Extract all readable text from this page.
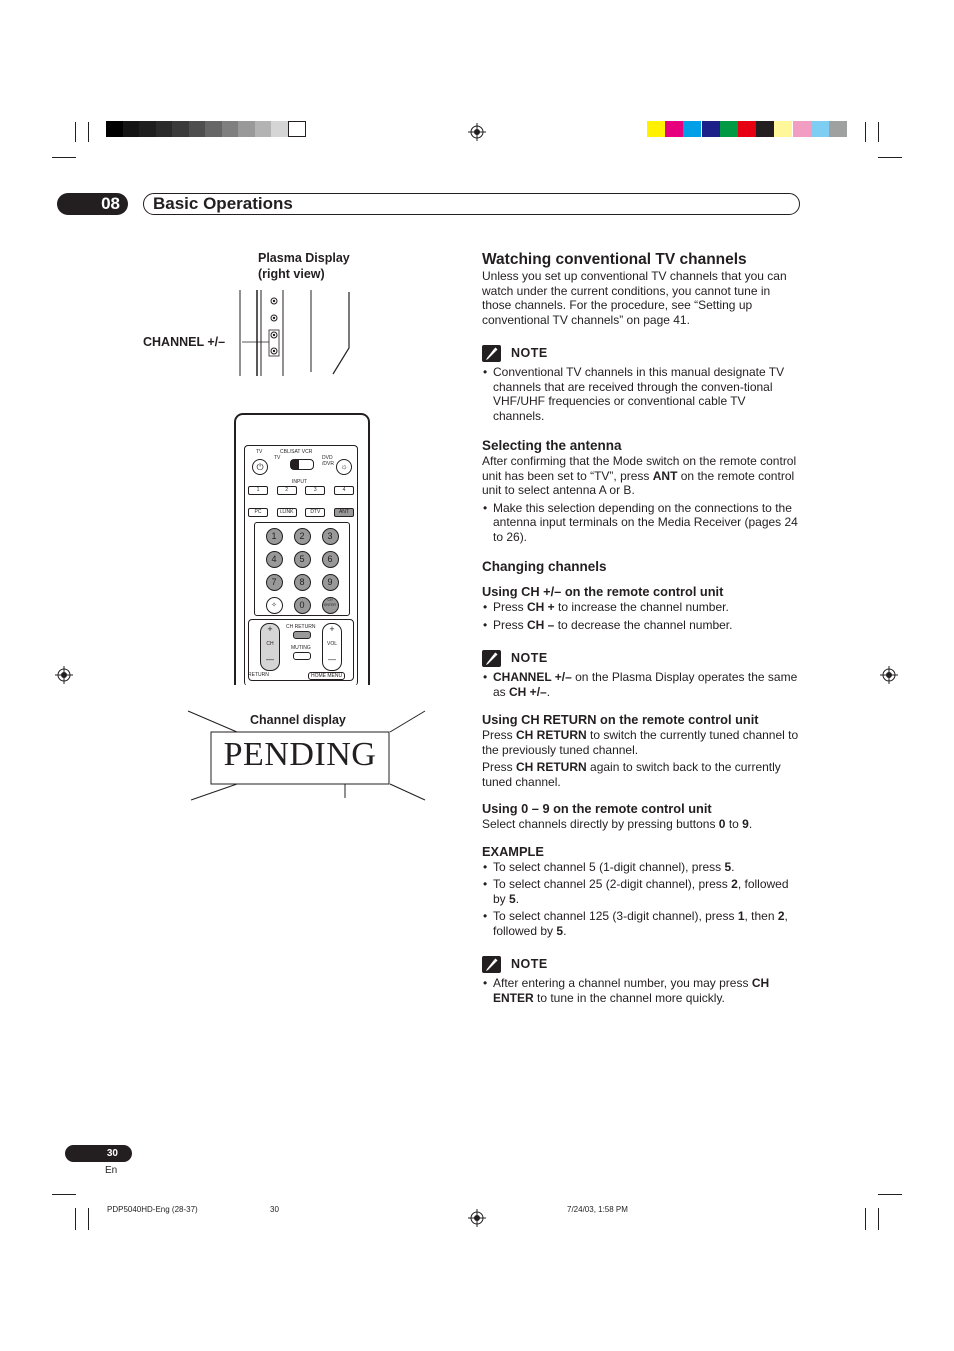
08	Basic Operations
Plasma Display
(right view)
CHANNEL +/–
TV
⏻
CBL/SAT VCR
TV	DVD /DVR ☼
INPUT
1	2	3	4
PC	i.LINK	DTV	ANT
1	2	3
4	5	6
7	8	9
✧	0	CH ENTER
+
CH
—
CH RETURN
MUTING
+
VOL
—
RETURN	HOME MENU
Channel display
PENDING
Watching conventional TV channels

Unless you set up conventional TV channels that you can watch under the current conditions, you cannot tune in those channels. For the procedure, see “Setting up conventional TV channels” on page 41.

NOTE
• Conventional TV channels in this manual designate TV channels that are received through the conven-tional VHF/UHF frequencies or conventional cable TV channels.
Selecting the antenna

After confirming that the Mode switch on the remote control unit has been set to “TV”, press ANT on the remote control unit to select antenna A or B.

• Make this selection depending on the connections to the antenna input terminals on the Media Receiver (pages 24 to 26).
Changing channels
Using CH +/– on the remote control unit
• Press CH + to increase the channel number.
• Press CH – to decrease the channel number.
NOTE
• CHANNEL +/– on the Plasma Display operates the same as CH +/–.
Using CH RETURN on the remote control unit

Press CH RETURN to switch the currently tuned channel to the previously tuned channel.

Press CH RETURN again to switch back to the currently tuned channel.

Using 0 – 9 on the remote control unit

Select channels directly by pressing buttons 0 to 9.

EXAMPLE
• To select channel 5 (1-digit channel), press 5.
• To select channel 25 (2-digit channel), press 2, followed by 5.
• To select channel 125 (3-digit channel), press 1, then 2, followed by 5.
NOTE
• After entering a channel number, you may press CH ENTER to tune in the channel more quickly.
30
En
PDP5040HD-Eng (28-37)	30	7/24/03, 1:58 PM
